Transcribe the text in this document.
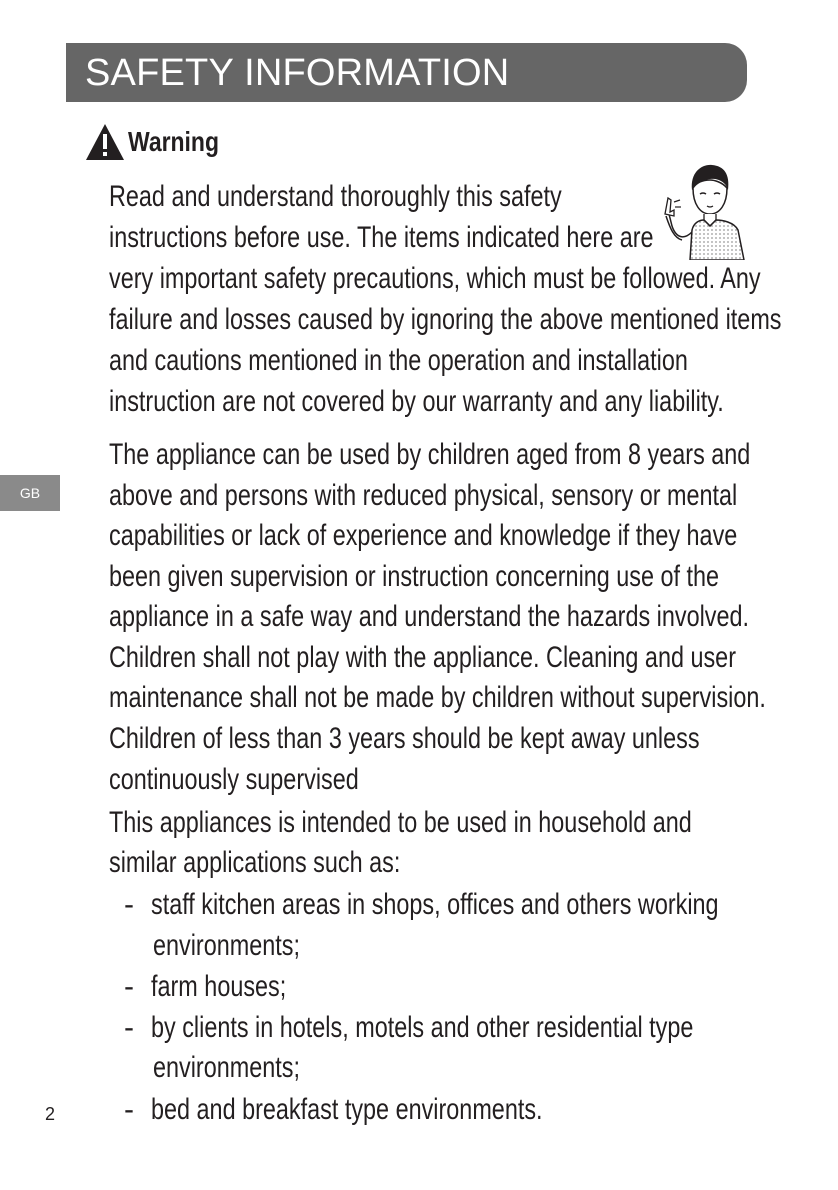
SAFETY INFORMATION
Warning
Read and understand thoroughly this safety
instructions before use. The items indicated here are
very important safety precautions, which must be followed. Any
failure and losses caused by ignoring the above mentioned items
and cautions mentioned in the operation and installation
instruction are not covered by our warranty and any liability.
GB
The appliance can be used by children aged from 8 years and
above and persons with reduced physical, sensory or mental
capabilities or lack of experience and knowledge if they have
been given supervision or instruction concerning use of the
appliance in a safe way and understand the hazards involved.
Children shall not play with the appliance. Cleaning and user
maintenance shall not be made by children without supervision.
Children of less than 3 years should be kept away unless
continuously supervised
This appliances is intended to be used in household and
similar applications such as:
- staff kitchen areas in shops, offices and others working
environments;
- farm houses;
- by clients in hotels, motels and other residential type
environments;
- bed and breakfast type environments.
2
